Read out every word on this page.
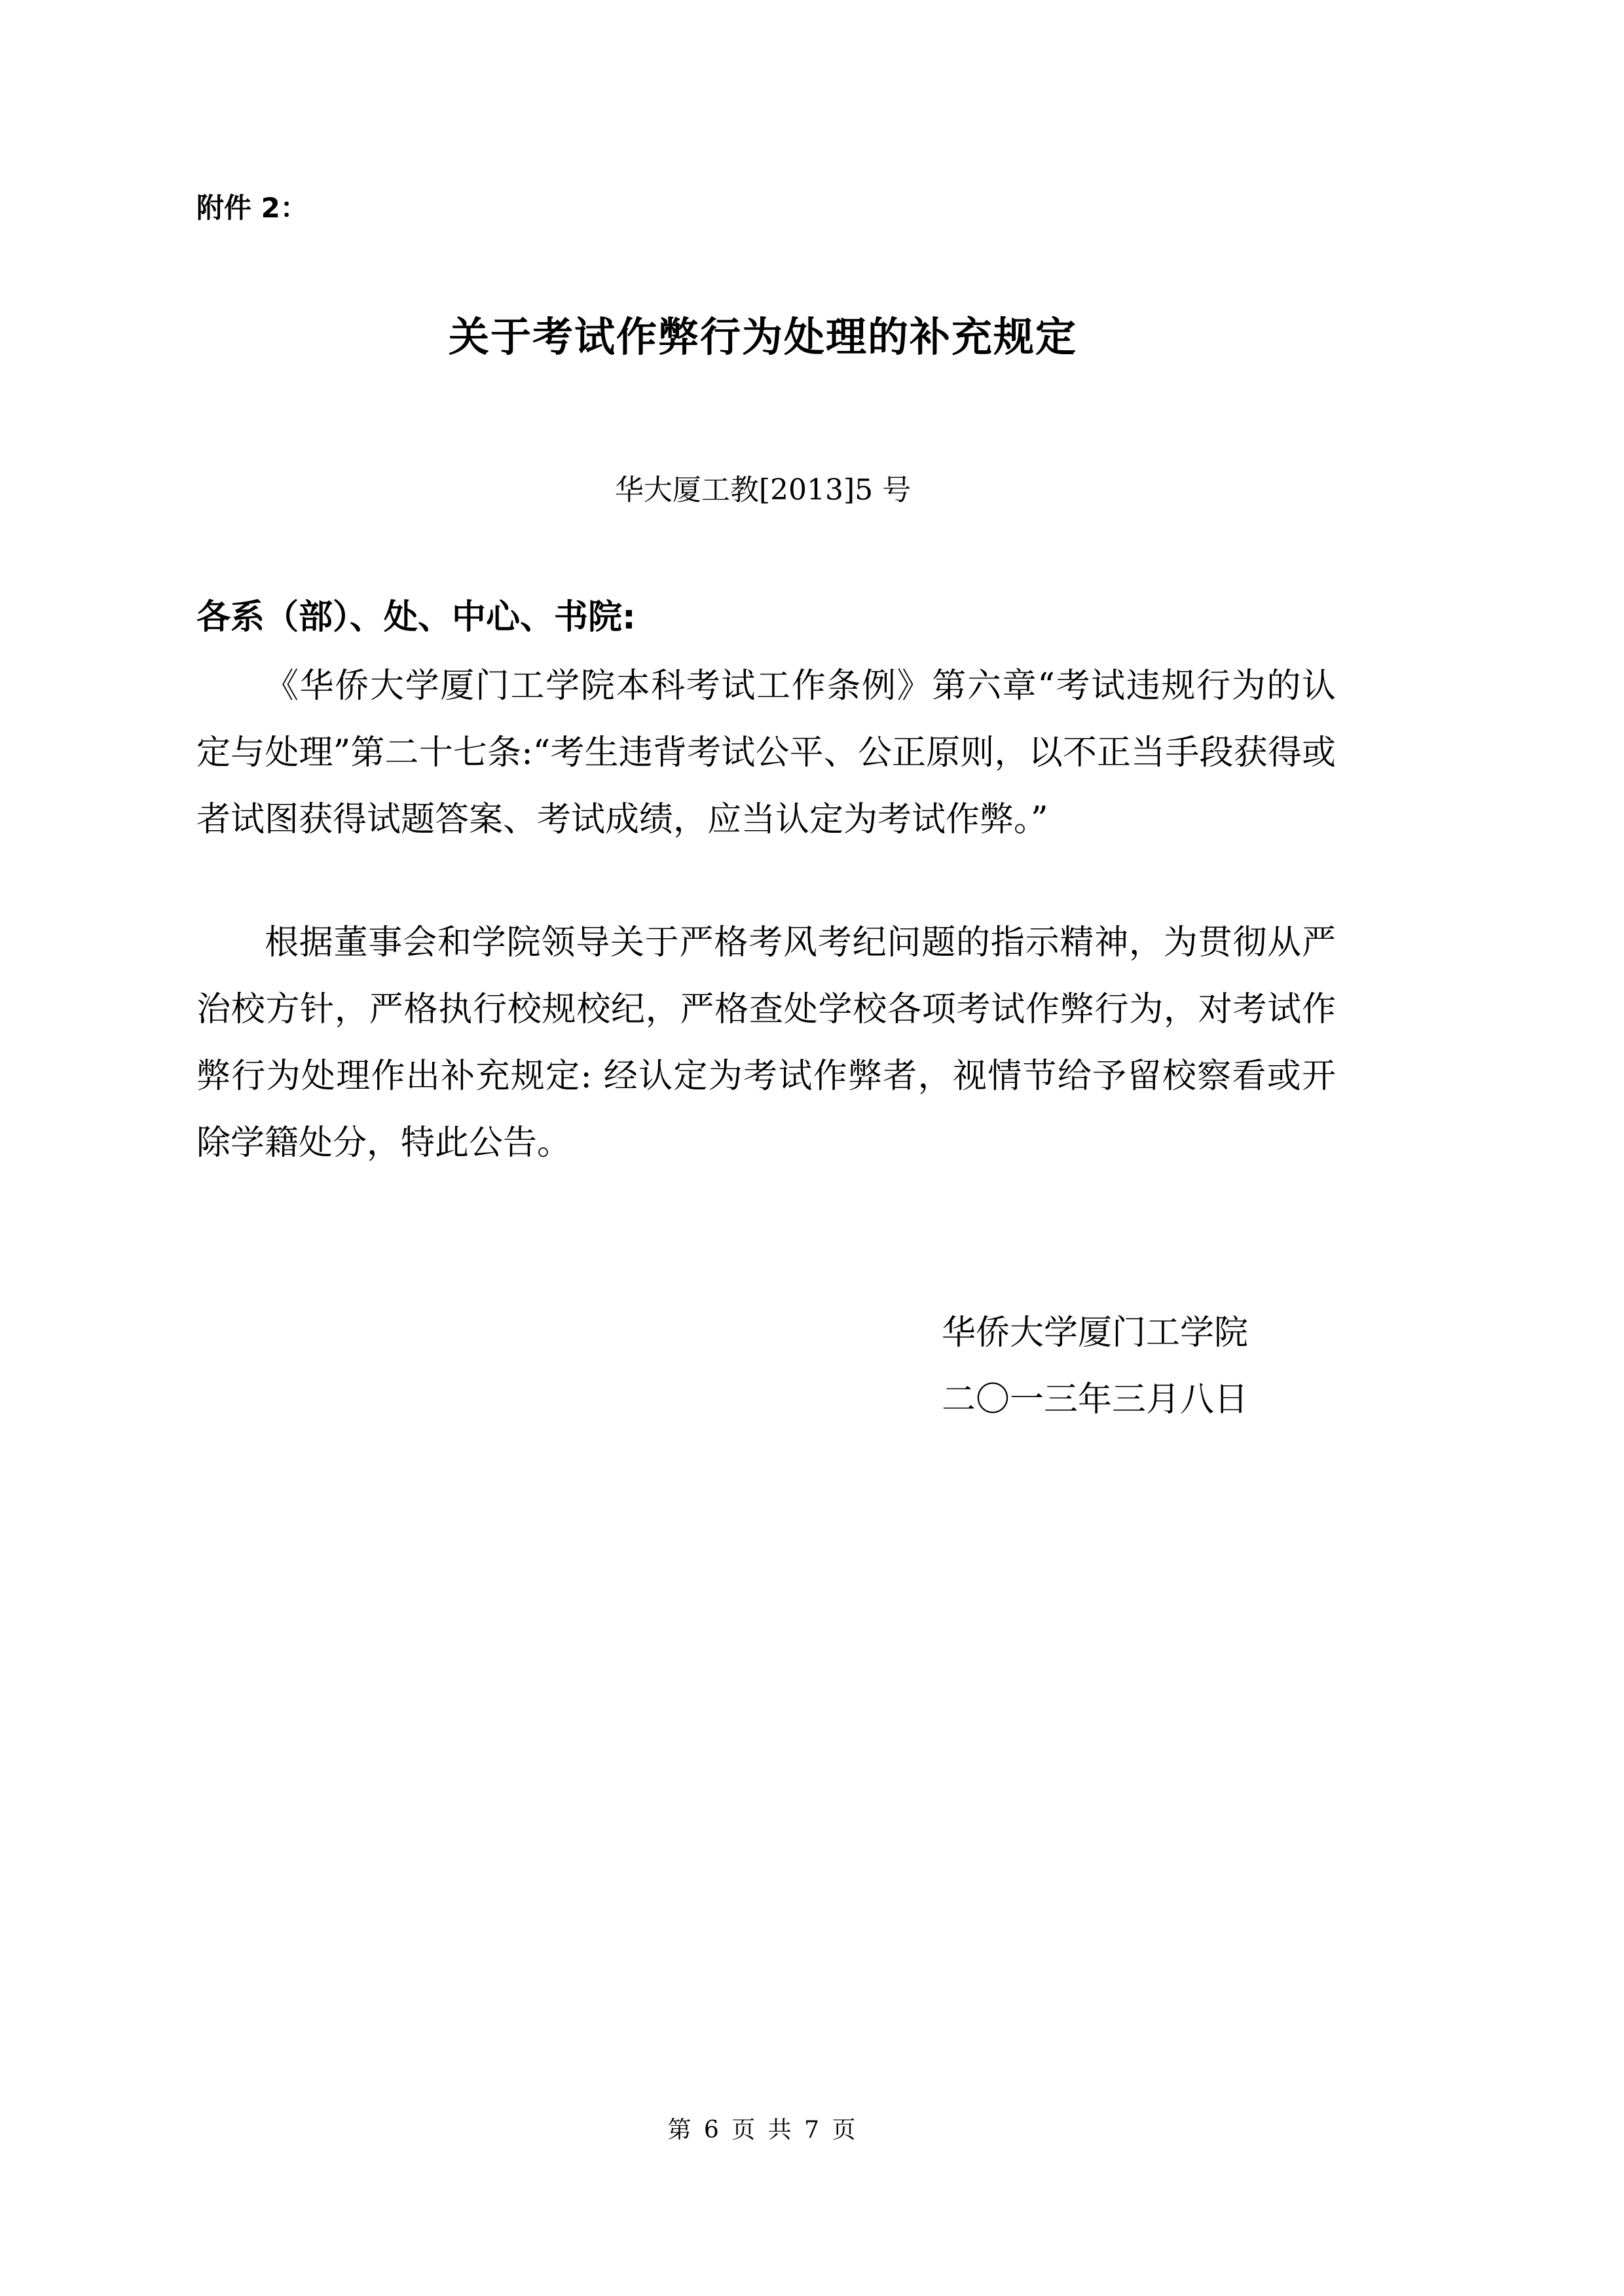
附件 2：
关于考试作弊行为处理的补充规定
华大厦工教[2013]5 号
各系（部）、处、中心、书院:

《华侨大学厦门工学院本科考试工作条例》第六章“考试违规行为的认定与处理”第二十七条:“考生违背考试公平、公正原则，以不正当手段获得或者试图获得试题答案、考试成绩，应当认定为考试作弊。”

根据董事会和学院领导关于严格考风考纪问题的指示精神，为贯彻从严治校方针，严格执行校规校纪，严格查处学校各项考试作弊行为，对考试作弊行为处理作出补充规定: 经认定为考试作弊者，视情节给予留校察看或开除学籍处分，特此公告。

华侨大学厦门工学院
二〇一三年三月八日
第 6 页 共 7 页
